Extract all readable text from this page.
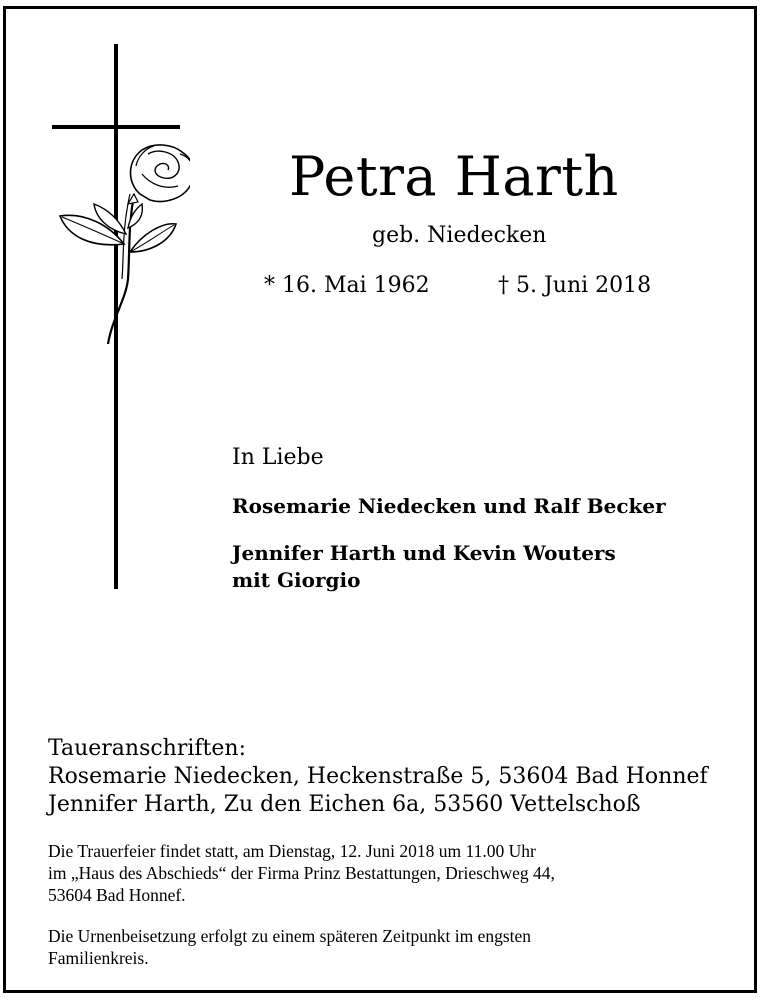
Petra Harth
geb. Niedecken
* 16. Mai 1962	† 5. Juni 2018
In Liebe
Rosemarie Niedecken und Ralf Becker
Jennifer Harth und Kevin Wouters
mit Giorgio
Taueranschriften:
Rosemarie Niedecken, Heckenstraße 5, 53604 Bad Honnef
Jennifer Harth, Zu den Eichen 6a, 53560 Vettelschoß
Die Trauerfeier findet statt, am Dienstag, 12. Juni 2018 um 11.00 Uhr
im „Haus des Abschieds“ der Firma Prinz Bestattungen, Drieschweg 44,
53604 Bad Honnef.
Die Urnenbeisetzung erfolgt zu einem späteren Zeitpunkt im engsten
Familienkreis.
